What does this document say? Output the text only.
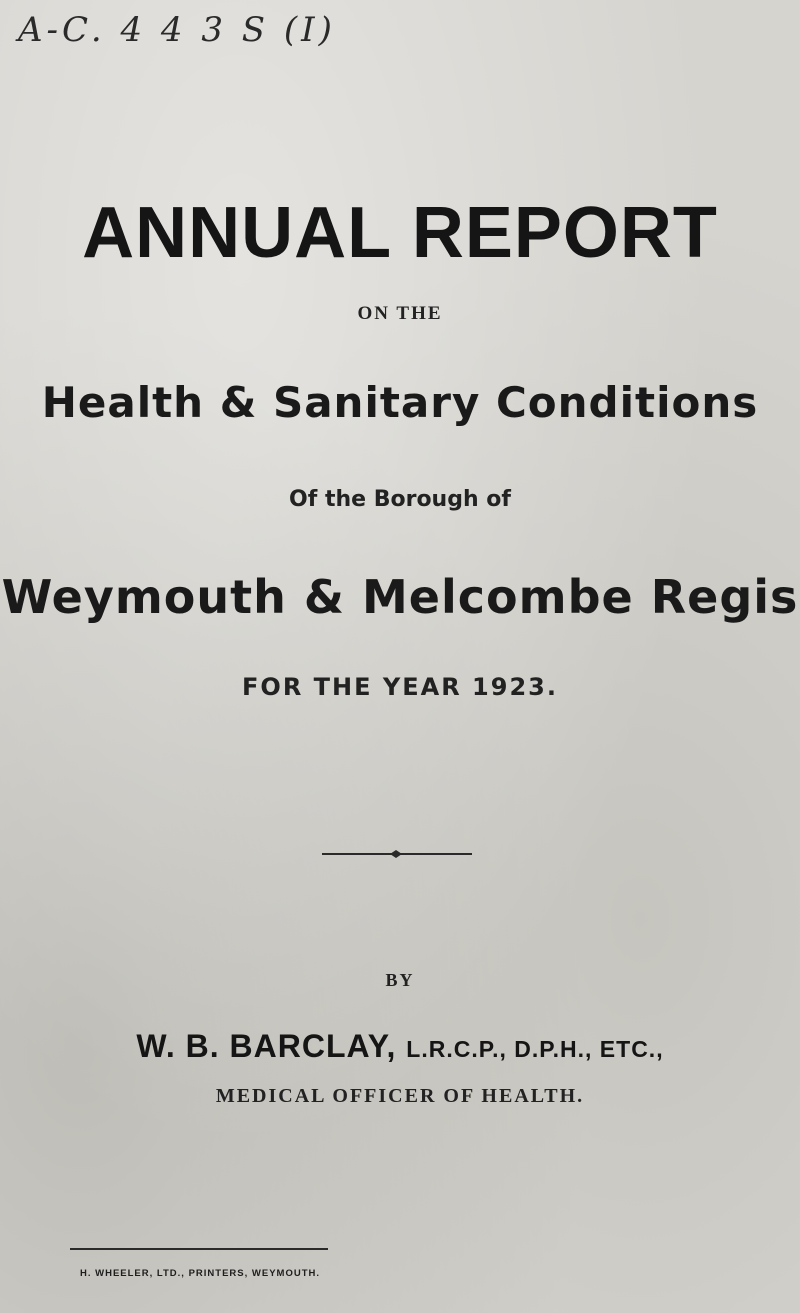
A-C. 4 4 3 S (I)
ANNUAL REPORT
ON THE
Health & Sanitary Conditions
Of the Borough of
Weymouth & Melcombe Regis
FOR THE YEAR 1923.
BY
W. B. BARCLAY, L.R.C.P., D.P.H., ETC.,
MEDICAL OFFICER OF HEALTH.
H. WHEELER, LTD., PRINTERS, WEYMOUTH.
